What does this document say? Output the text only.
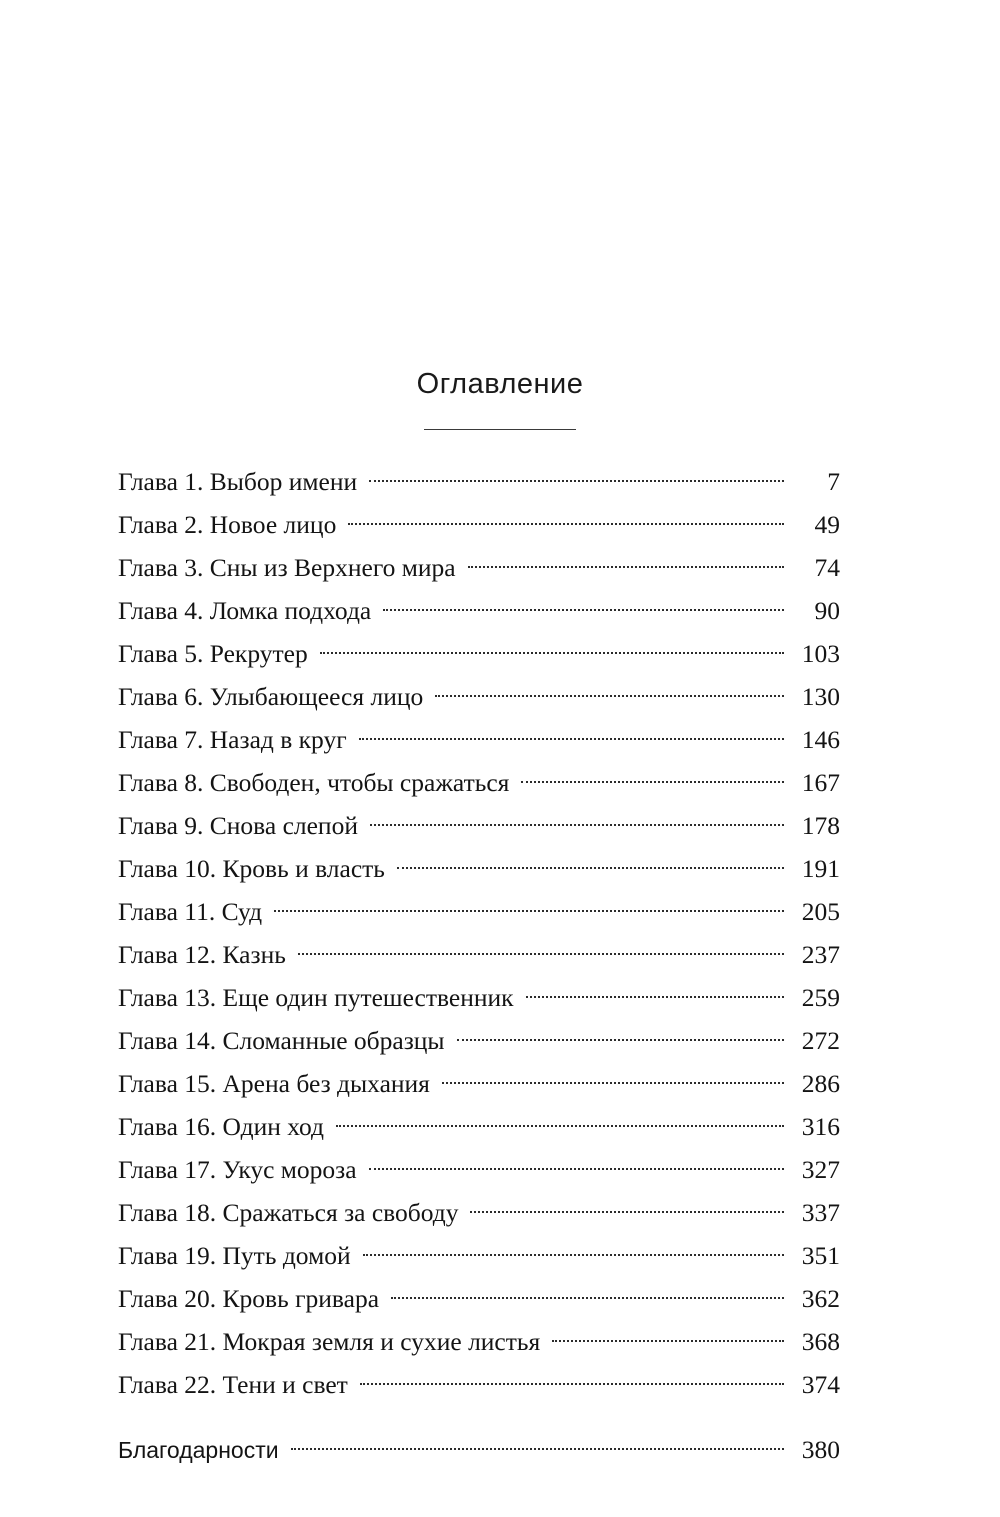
Оглавление
Глава 1. Выбор имени	7
Глава 2. Новое лицо	49
Глава 3. Сны из Верхнего мира	74
Глава 4. Ломка подхода	90
Глава 5. Рекрутер	103
Глава 6. Улыбающееся лицо	130
Глава 7. Назад в круг	146
Глава 8. Свободен, чтобы сражаться	167
Глава 9. Снова слепой	178
Глава 10. Кровь и власть	191
Глава 11. Суд	205
Глава 12. Казнь	237
Глава 13. Еще один путешественник	259
Глава 14. Сломанные образцы	272
Глава 15. Арена без дыхания	286
Глава 16. Один ход	316
Глава 17. Укус мороза	327
Глава 18. Сражаться за свободу	337
Глава 19. Путь домой	351
Глава 20. Кровь гривара	362
Глава 21. Мокрая земля и сухие листья	368
Глава 22. Тени и свет	374
Благодарности	380
